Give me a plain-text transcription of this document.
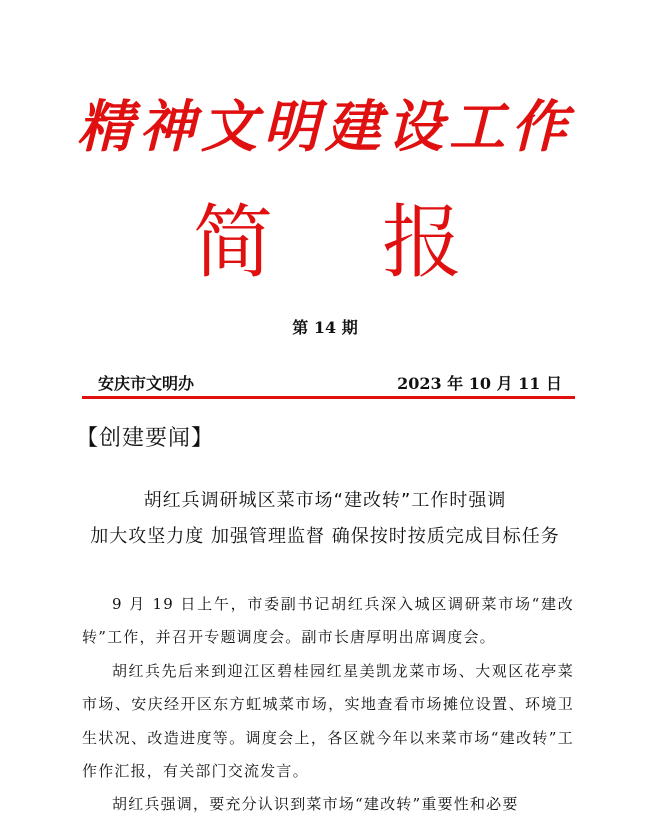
精神文明建设工作
简 报
第 14 期
安庆市文明办	2023 年 10 月 11 日
【创建要闻】
胡红兵调研城区菜市场“建改转”工作时强调
加大攻坚力度 加强管理监督 确保按时按质完成目标任务

9 月 19 日上午，市委副书记胡红兵深入城区调研菜市场“建改转”工作，并召开专题调度会。副市长唐厚明出席调度会。

胡红兵先后来到迎江区碧桂园红星美凯龙菜市场、大观区花亭菜市场、安庆经开区东方虹城菜市场，实地查看市场摊位设置、环境卫生状况、改造进度等。调度会上，各区就今年以来菜市场“建改转”工作作汇报，有关部门交流发言。

胡红兵强调，要充分认识到菜市场“建改转”重要性和必要
